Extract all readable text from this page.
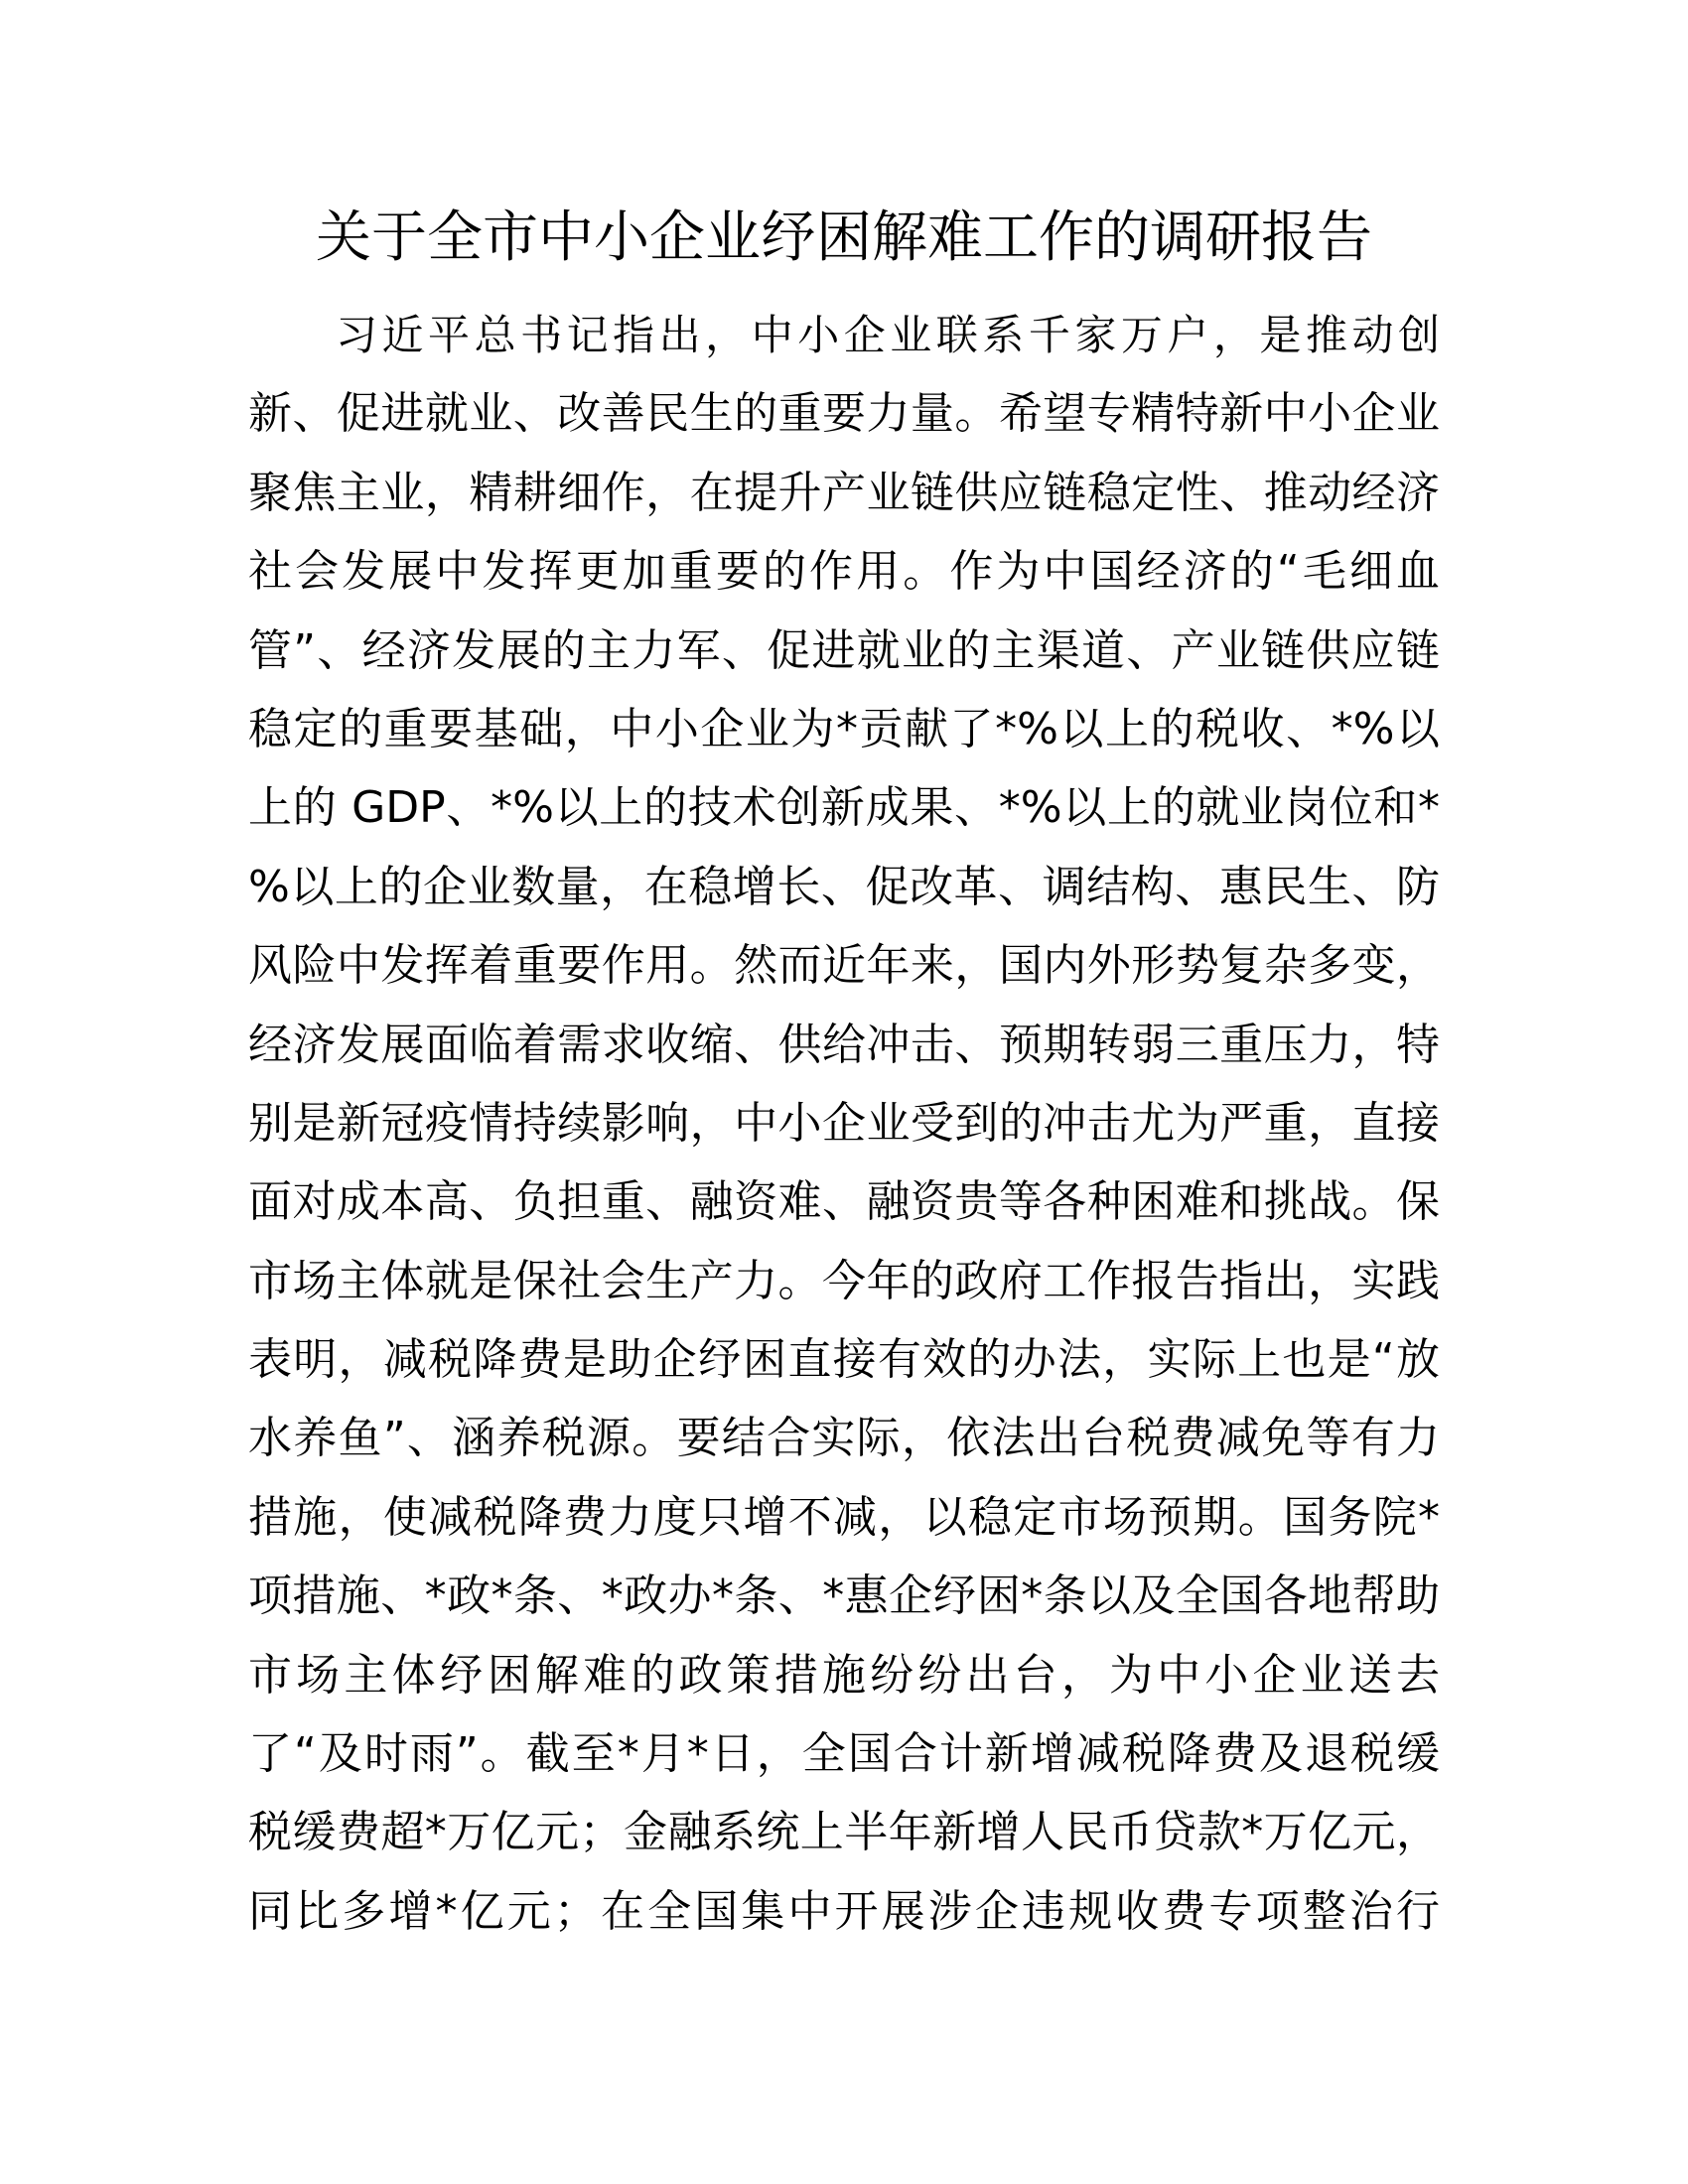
关于全市中小企业纾困解难工作的调研报告
习近平总书记指出，中小企业联系千家万户，是推动创
新、促进就业、改善民生的重要力量。希望专精特新中小企业
聚焦主业，精耕细作，在提升产业链供应链稳定性、推动经济
社会发展中发挥更加重要的作用。作为中国经济的“毛细血
管”、经济发展的主力军、促进就业的主渠道、产业链供应链
稳定的重要基础，中小企业为*贡献了*%以上的税收、*%以
上的 GDP、*%以上的技术创新成果、*%以上的就业岗位和*
%以上的企业数量，在稳增长、促改革、调结构、惠民生、防
风险中发挥着重要作用。然而近年来，国内外形势复杂多变，
经济发展面临着需求收缩、供给冲击、预期转弱三重压力，特
别是新冠疫情持续影响，中小企业受到的冲击尤为严重，直接
面对成本高、负担重、融资难、融资贵等各种困难和挑战。保
市场主体就是保社会生产力。今年的政府工作报告指出，实践
表明，减税降费是助企纾困直接有效的办法，实际上也是“放
水养鱼”、涵养税源。要结合实际，依法出台税费减免等有力
措施，使减税降费力度只增不减，以稳定市场预期。国务院*
项措施、*政*条、*政办*条、*惠企纾困*条以及全国各地帮助
市场主体纾困解难的政策措施纷纷出台，为中小企业送去
了“及时雨”。截至*月*日，全国合计新增减税降费及退税缓
税缓费超*万亿元；金融系统上半年新增人民币贷款*万亿元，
同比多增*亿元；在全国集中开展涉企违规收费专项整治行
